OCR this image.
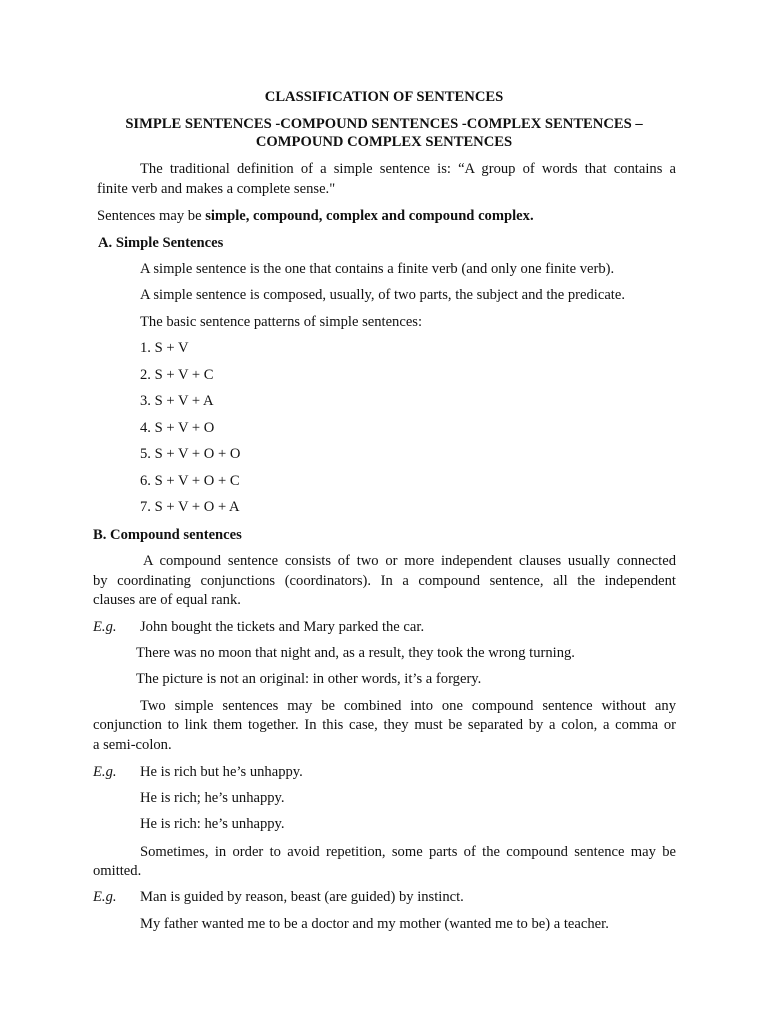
CLASSIFICATION OF SENTENCES
SIMPLE SENTENCES -COMPOUND SENTENCES -COMPLEX SENTENCES –
COMPOUND COMPLEX SENTENCES
The traditional definition of a simple sentence is: “A group of words that contains a
finite verb and makes a complete sense."
Sentences may be simple, compound, complex and compound complex.
A. Simple Sentences
A simple sentence is the one that contains a finite verb (and only one finite verb).
A simple sentence is composed, usually, of two parts, the subject and the predicate.
The basic sentence patterns of simple sentences:
1. S + V
2. S + V + C
3. S + V + A
4. S + V + O
5. S + V + O + O
6. S + V + O + C
7. S + V + O + A
B. Compound sentences
A compound sentence consists of two or more independent clauses usually connected
by coordinating conjunctions (coordinators). In a compound sentence, all the independent
clauses are of equal rank.
E.g. John bought the tickets and Mary parked the car.
There was no moon that night and, as a result, they took the wrong turning.
The picture is not an original: in other words, it’s a forgery.
Two simple sentences may be combined into one compound sentence without any
conjunction to link them together. In this case, they must be separated by a colon, a comma or
a semi-colon.
E.g. He is rich but he’s unhappy.
He is rich; he’s unhappy.
He is rich: he’s unhappy.
Sometimes, in order to avoid repetition, some parts of the compound sentence may be
omitted.
E.g. Man is guided by reason, beast (are guided) by instinct.
My father wanted me to be a doctor and my mother (wanted me to be) a teacher.
